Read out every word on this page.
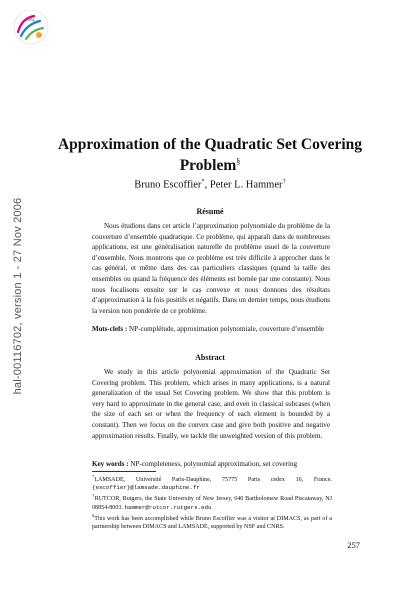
HAL
hal-00116702, version 1 - 27 Nov 2006
Approximation of the Quadratic Set Covering
Problem§
Bruno Escoffier*, Peter L. Hammer†
Résumé
Nous étudions dans cet article l’approximation polynomiale du problème de la couverture d’ensemble quadratique. Ce problème, qui apparaît dans de nombreuses applications, est une généralisation naturelle du problème usuel de la couverture d’ensemble. Nous montrons que ce problème est très difficile à approcher dans le cas général, et même dans des cas particuliers classiques (quand la taille des ensembles ou quand la fréquence des éléments est bornée par une constante). Nous nous focalisons ensuite sur le cas convexe et nous donnons des résultats d’approximation à la fois positifs et négatifs. Dans un dernier temps, nous étudions la version non pondérée de ce problème.
Mots-clefs : NP-complétude, approximation polynomiale, couverture d’ensemble
Abstract
We study in this article polynomial approximation of the Quadratic Set Covering problem. This problem, which arises in many applications, is a natural generalization of the usual Set Covering problem. We show that this problem is very hard to approximate in the general case, and even in classical subcases (when the size of each set or when the frequency of each element is bounded by a constant). Then we focus on the convex case and give both positive and negative approximation results. Finally, we tackle the unweighted version of this problem.
Key words : NP-completeness, polynomial approximation, set covering

*LAMSADE, Université Paris-Dauphine, 75775 Paris cedex 16, France.

{escoffier}@lamsade.dauphine.fr

†RUTCOR, Rutgers, the State University of New Jersey, 640 Bartholomew Road Piscataway, NJ 08854-8003. hammer@rutcor.rutgers.edu

§This work has been accomplished while Bruno Escoffier was a visitor at DIMACS, as part of a partnership between DIMACS and LAMSADE, supported by NSF and CNRS.

257
